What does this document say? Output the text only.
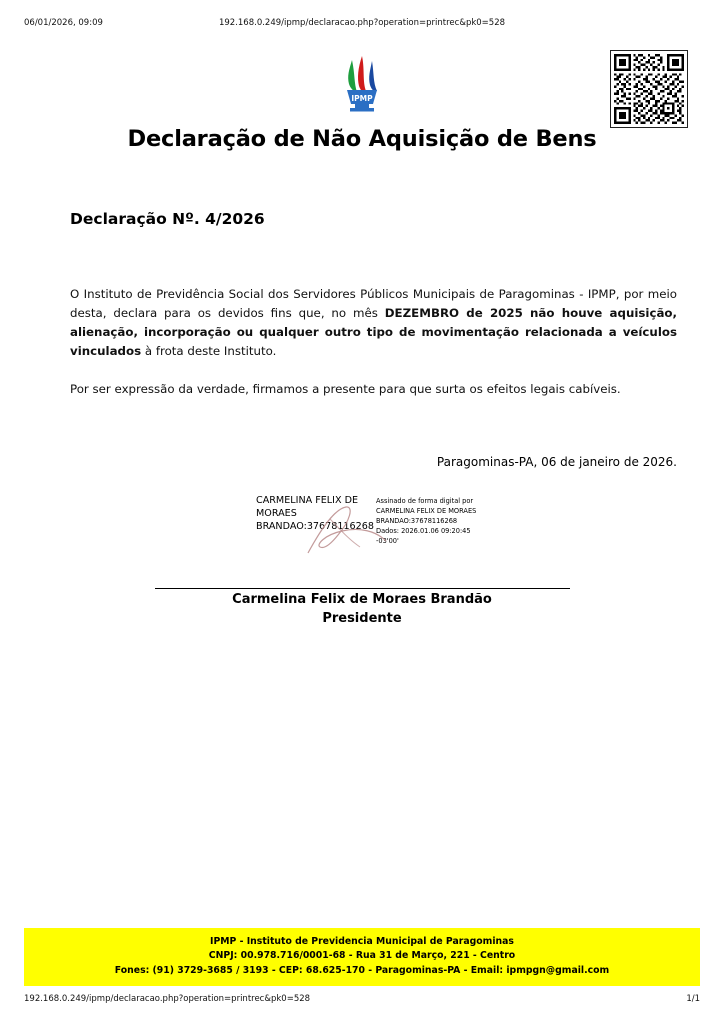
06/01/2026, 09:09	192.168.0.249/ipmp/declaracao.php?operation=printrec&pk0=528
IPMP
Declaração de Não Aquisição de Bens
Declaração Nº. 4/2026
O Instituto de Previdência Social dos Servidores Públicos Municipais de Paragominas - IPMP, por meio desta, declara para os devidos fins que, no mês DEZEMBRO de 2025 não houve aquisição, alienação, incorporação ou qualquer outro tipo de movimentação relacionada a veículos vinculados à frota deste Instituto.
Por ser expressão da verdade, firmamos a presente para que surta os efeitos legais cabíveis.
Paragominas-PA, 06 de janeiro de 2026.
CARMELINA FELIX DE MORAES BRANDAO:37678116268
Assinado de forma digital por
CARMELINA FELIX DE MORAES
BRANDAO:37678116268
Dados: 2026.01.06 09:20:45
-03'00'
Carmelina Felix de Moraes Brandão
Presidente
IPMP - Instituto de Previdencia Municipal de Paragominas
CNPJ: 00.978.716/0001-68 - Rua 31 de Março, 221 - Centro
Fones: (91) 3729-3685 / 3193 - CEP: 68.625-170 - Paragominas-PA - Email: ipmpgn@gmail.com
192.168.0.249/ipmp/declaracao.php?operation=printrec&pk0=528	1/1
